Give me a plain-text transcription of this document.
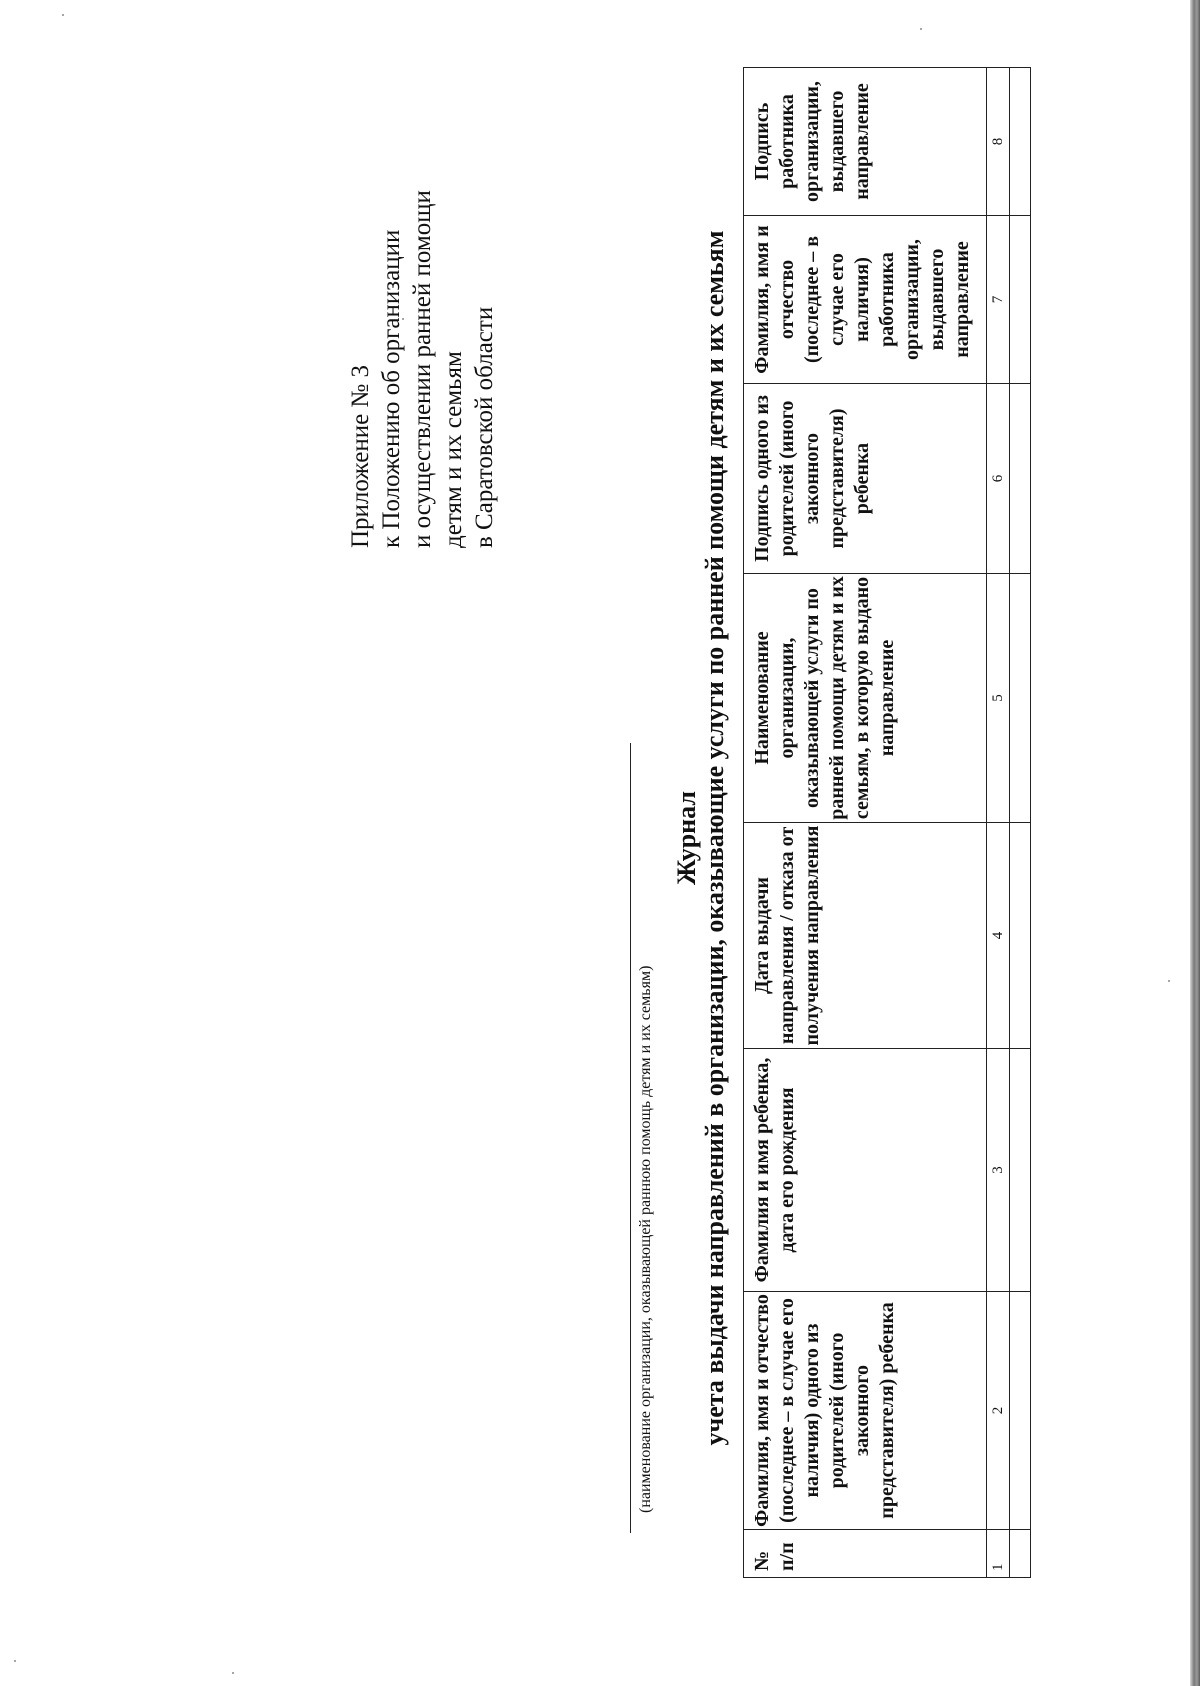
Приложение № 3 к Положению об организации и осуществлении ранней помощи детям и их семьям в Саратовской области
(наименование организации, оказывающей раннюю помощь детям и их семьям)
Журнал учета выдачи направлений в организации, оказывающие услуги по ранней помощи детям и их семьям
№ п/п	Фамилия, имя и отчество (последнее – в случае его наличия) одного из родителей (иного законного представителя) ребенка	Фамилия и имя ребенка, дата его рождения	Дата выдачи направления / отказа от получения направления	Наименование организации, оказывающей услуги по ранней помощи детям и их семьям, в которую выдано направление	Подпись одного из родителей (иного законного представителя) ребенка	Фамилия, имя и отчество (последнее – в случае его наличия) работника организации, выдавшего направление	Подпись работника организации, выдавшего направление
1	2	3	4	5	6	7	8
